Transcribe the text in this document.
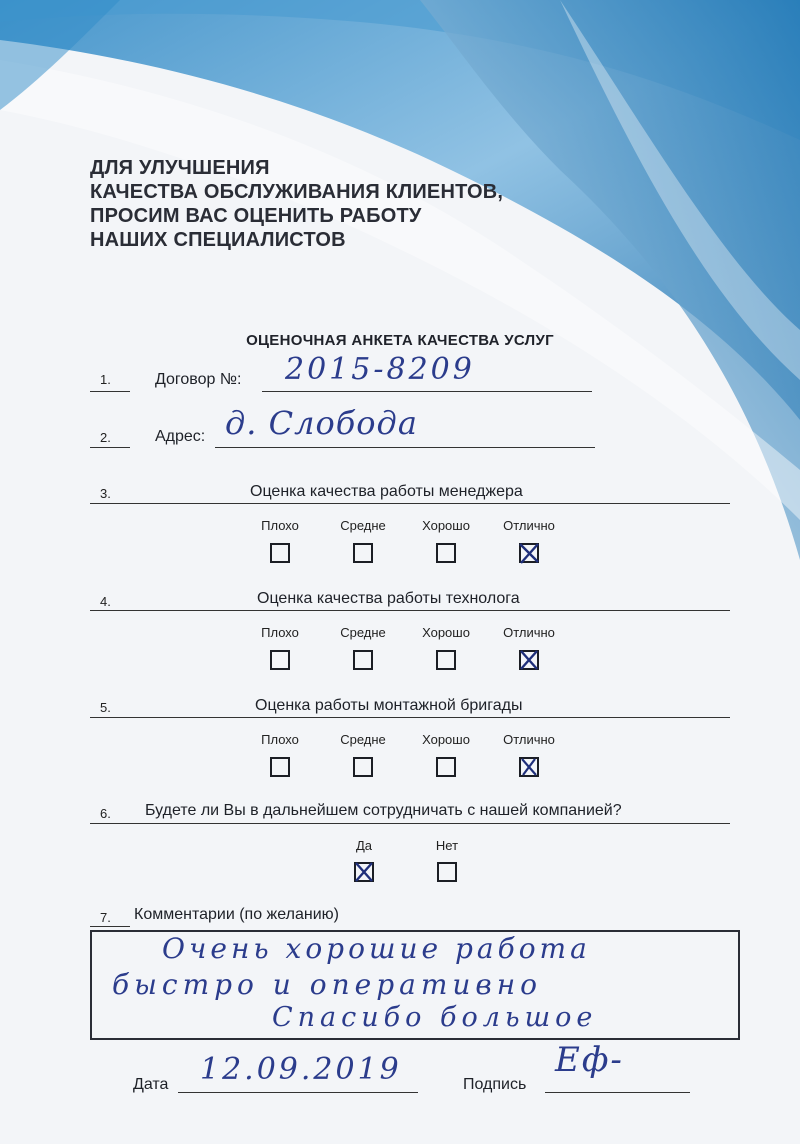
ДЛЯ УЛУЧШЕНИЯ
КАЧЕСТВА ОБСЛУЖИВАНИЯ КЛИЕНТОВ,
ПРОСИМ ВАС ОЦЕНИТЬ РАБОТУ
НАШИХ СПЕЦИАЛИСТОВ
ОЦЕНОЧНАЯ АНКЕТА КАЧЕСТВА УСЛУГ
1.	Договор №: 2015-8209
2.	Адрес: д. Слобода
3.	Оценка качества работы менеджера
Плохо	Средне	Хорошо	Отлично
4.	Оценка качества работы технолога
Плохо	Средне	Хорошо	Отлично
5.	Оценка работы монтажной бригады
Плохо	Средне	Хорошо	Отлично
6. Будете ли Вы в дальнейшем сотрудничать с нашей компанией?
Да	Нет
7. Комментарии (по желанию)
Очень хорошие работа
быстро и оперативно
Спасибо большое
Дата 12.09.2019	Подпись
Еф-
